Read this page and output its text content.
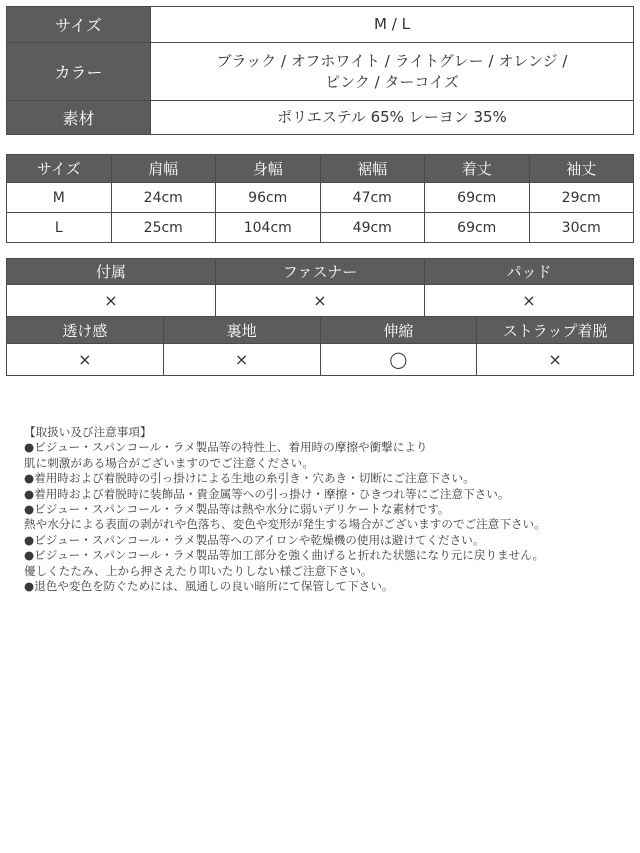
サイズ	M / L
カラー	ブラック / オフホワイト / ライトグレー / オレンジ /
ピンク / ターコイズ

素材	ポリエステル 65% レーヨン 35%
サイズ	肩幅	身幅	裾幅	着丈	袖丈
M	24cm	96cm	47cm	69cm	29cm
L	25cm	104cm	49cm	69cm	30cm
付属	ファスナー	パッド
×	×	×
透け感	裏地	伸縮	ストラップ着脱
×	×	◯	×
【取扱い及び注意事項】
●ビジュー・スパンコール・ラメ製品等の特性上、着用時の摩擦や衝撃により
肌に刺激がある場合がございますのでご注意ください。
●着用時および着脱時の引っ掛けによる生地の糸引き・穴あき・切断にご注意下さい。
●着用時および着脱時に装飾品・貴金属等への引っ掛け・摩擦・ひきつれ等にご注意下さい。
●ビジュー・スパンコール・ラメ製品等は熱や水分に弱いデリケートな素材です。
熱や水分による表面の剥がれや色落ち、変色や変形が発生する場合がございますのでご注意下さい。
●ビジュー・スパンコール・ラメ製品等へのアイロンや乾燥機の使用は避けてください。
●ビジュー・スパンコール・ラメ製品等加工部分を強く曲げると折れた状態になり元に戻りません。
優しくたたみ、上から押さえたり叩いたりしない様ご注意下さい。
●退色や変色を防ぐためには、風通しの良い暗所にて保管して下さい。
